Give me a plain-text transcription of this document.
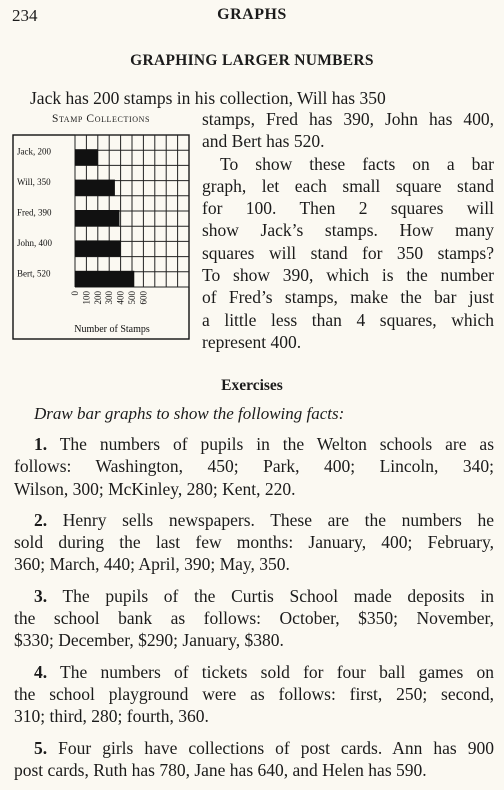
234	GRAPHS
GRAPHING LARGER NUMBERS
Jack has 200 stamps in his collection, Will has 350
Stamp Collections
Jack, 200
Will, 350
Fred, 390
John, 400
Bert, 520
0 100 200 300 400 500 600
Number of Stamps

stamps, Fred has 390, John has 400,
and Bert has 520.

To show these facts on a bar
graph, let each small square stand
for 100. Then 2 squares will
show Jack’s stamps. How many
squares will stand for 350 stamps?
To show 390, which is the number
of Fred’s stamps, make the bar just
a little less than 4 squares, which
represent 400.

Exercises
Draw bar graphs to show the following facts:

1. The numbers of pupils in the Welton schools are as
follows: Washington, 450; Park, 400; Lincoln, 340;
Wilson, 300; McKinley, 280; Kent, 220.

2. Henry sells newspapers. These are the numbers he
sold during the last few months: January, 400; February,
360; March, 440; April, 390; May, 350.

3. The pupils of the Curtis School made deposits in
the school bank as follows: October, $350; November,
$330; December, $290; January, $380.

4. The numbers of tickets sold for four ball games on
the school playground were as follows: first, 250; second,
310; third, 280; fourth, 360.

5. Four girls have collections of post cards. Ann has 900
post cards, Ruth has 780, Jane has 640, and Helen has 590.
